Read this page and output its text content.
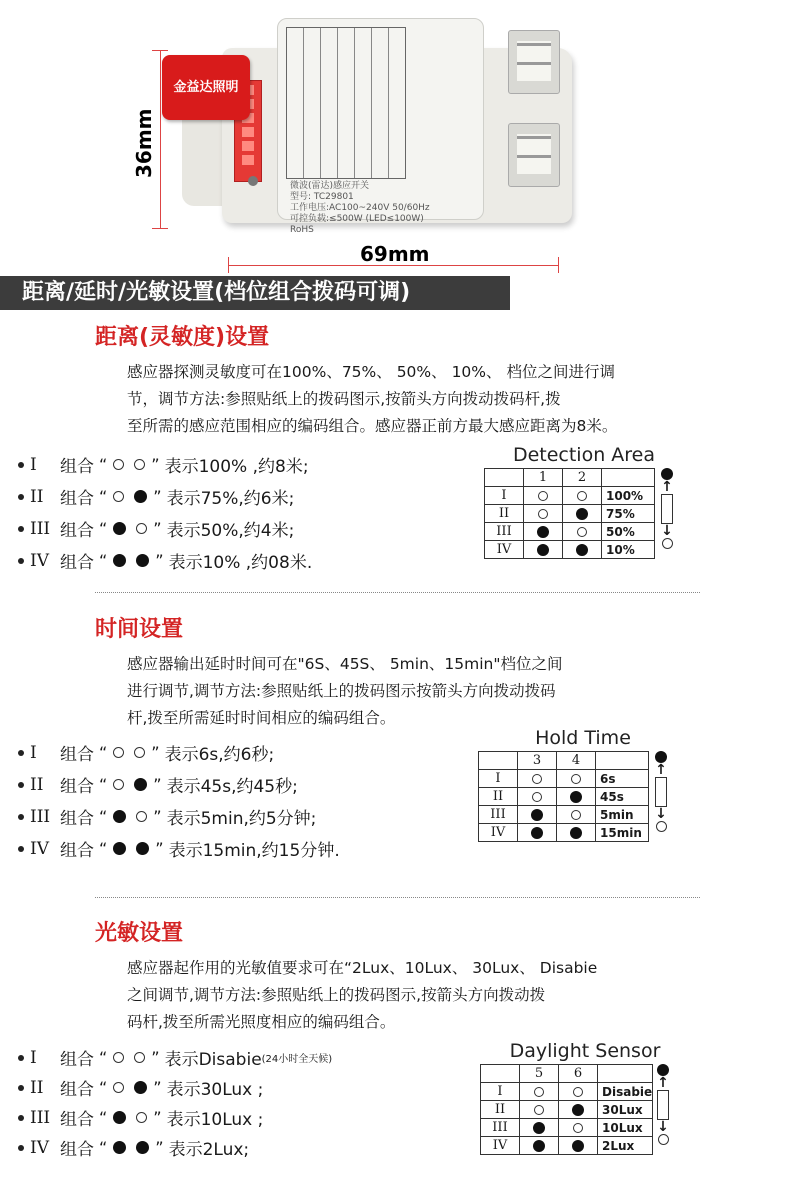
36mm
微波(雷达)感应开关
型号: TC29801
工作电压:AC100~240V 50/60Hz
可控负载:≤500W (LED≤100W)
RoHS
金益达照明
69mm
距离/延时/光敏设置(档位组合拨码可调)
距离(灵敏度)设置
感应器探测灵敏度可在100%、75%、 50%、 10%、 档位之间进行调
节，调节方法:参照贴纸上的拨码图示,按箭头方向拨动拨码杆,拨
至所需的感应范围相应的编码组合。感应器正前方最大感应距离为8米。
I	组合 “	” 表示100% ,约8米;
II 组合 “	” 表示75%,约6米;
III 组合 “	” 表示50%,约4米;
IV 组合 “	” 表示10% ,约08米.
Detection Area
	1	2	
I			100%
II			75%
III			50%
IV			10%
↑
↓
时间设置
感应器输出延时时间可在"6S、45S、 5min、15min"档位之间
进行调节,调节方法:参照贴纸上的拨码图示按箭头方向拨动拨码
杆,拨至所需延时时间相应的编码组合。
I	组合 “	” 表示6s,约6秒;
II 组合 “	” 表示45s,约45秒;
III 组合 “	” 表示5min,约5分钟;
IV 组合 “	” 表示15min,约15分钟.
Hold Time
	3	4	
I			6s
II			45s
III			5min
IV			15min
↑
↓
光敏设置
感应器起作用的光敏值要求可在“2Lux、10Lux、 30Lux、 Disabie
之间调节,调节方法:参照贴纸上的拨码图示,按箭头方向拨动拨
码杆,拨至所需光照度相应的编码组合。
I	组合 “	” 表示Disabie (24小时全天候)
II 组合 “	” 表示30Lux ;
III 组合 “	” 表示10Lux ;
IV 组合 “	” 表示2Lux;
Daylight Sensor
	5	6	
I			Disabie
II			30Lux
III			10Lux
IV			2Lux
↑
↓
